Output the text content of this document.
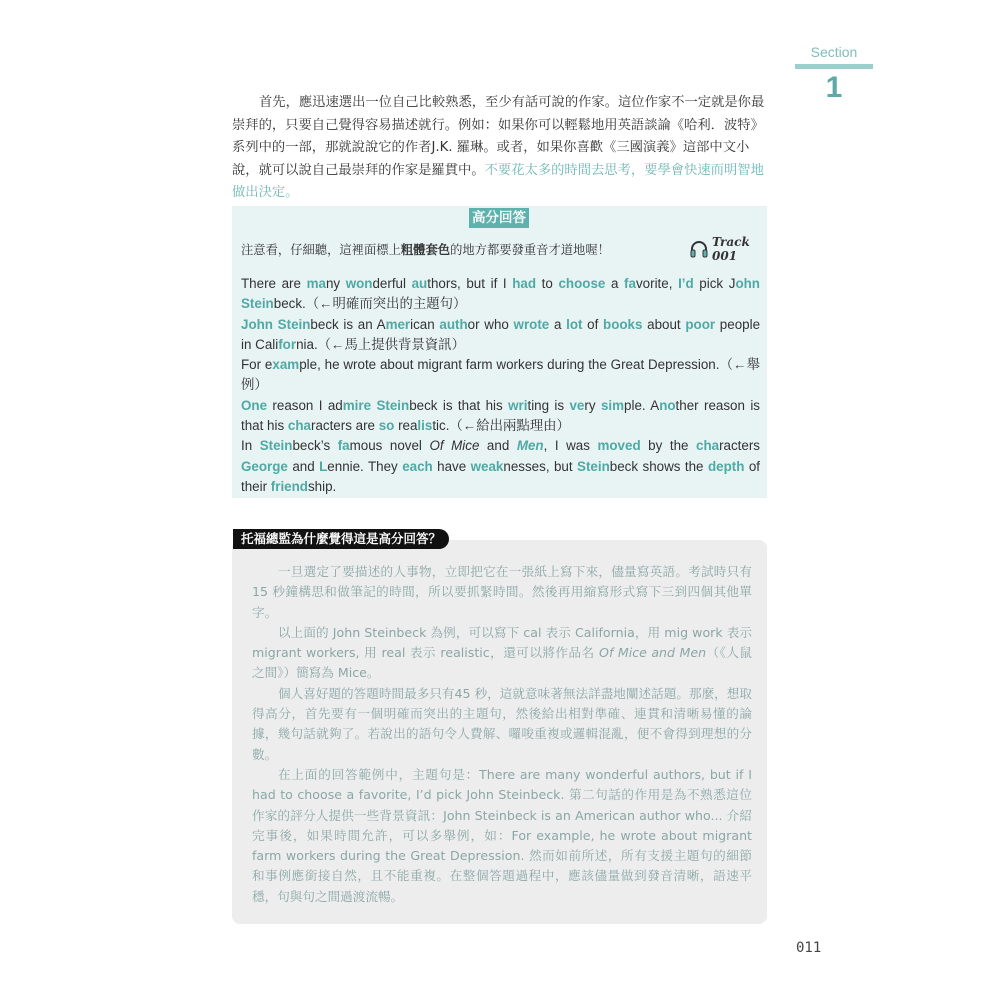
Section
1

首先，應迅速選出一位自己比較熟悉，至少有話可說的作家。這位作家不一定就是你最崇拜的，只要自己覺得容易描述就行。例如：如果你可以輕鬆地用英語談論《哈利．波特》系列中的一部，那就說說它的作者J.K. 羅琳。或者，如果你喜歡《三國演義》這部中文小說，就可以說自己最崇拜的作家是羅貫中。不要花太多的時間去思考，要學會快速而明智地做出決定。

高分回答
注意看，仔細聽，這裡面標上粗體套色的地方都要發重音才道地喔！
Track 001

There are many wonderful authors, but if I had to choose a favorite, I’d pick John Steinbeck.（←明確而突出的主題句）

John Steinbeck is an American author who wrote a lot of books about poor people in California.（←馬上提供背景資訊）

For example, he wrote about migrant farm workers during the Great Depression.（←舉例）

One reason I admire Steinbeck is that his writing is very simple. Another reason is that his characters are so realistic.（←給出兩點理由）

In Steinbeck’s famous novel Of Mice and Men, I was moved by the characters George and Lennie. They each have weaknesses, but Steinbeck shows the depth of their friendship.

托福總監為什麼覺得這是高分回答？

一旦選定了要描述的人事物，立即把它在一張紙上寫下來，儘量寫英語。考試時只有 15 秒鐘構思和做筆記的時間，所以要抓緊時間。然後再用縮寫形式寫下三到四個其他單字。

以上面的 John Steinbeck 為例，可以寫下 cal 表示 California，用 mig work 表示 migrant workers, 用 real 表示 realistic，還可以將作品名 Of Mice and Men（《人鼠之間》）簡寫為 Mice。

個人喜好題的答題時間最多只有45 秒，這就意味著無法詳盡地闡述話題。那麼，想取得高分，首先要有一個明確而突出的主題句，然後給出相對準確、連貫和清晰易懂的論據，幾句話就夠了。若說出的語句令人費解、囉唆重複或邏輯混亂，便不會得到理想的分數。

在上面的回答範例中，主題句是：There are many wonderful authors, but if I had to choose a favorite, I’d pick John Steinbeck. 第二句話的作用是為不熟悉這位作家的評分人提供一些背景資訊：John Steinbeck is an American author who... 介紹完事後，如果時間允許，可以多舉例，如：For example, he wrote about migrant farm workers during the Great Depression. 然而如前所述，所有支援主題句的細節和事例應銜接自然，且不能重複。在整個答題過程中，應該儘量做到發音清晰，語速平穩，句與句之間過渡流暢。

011
